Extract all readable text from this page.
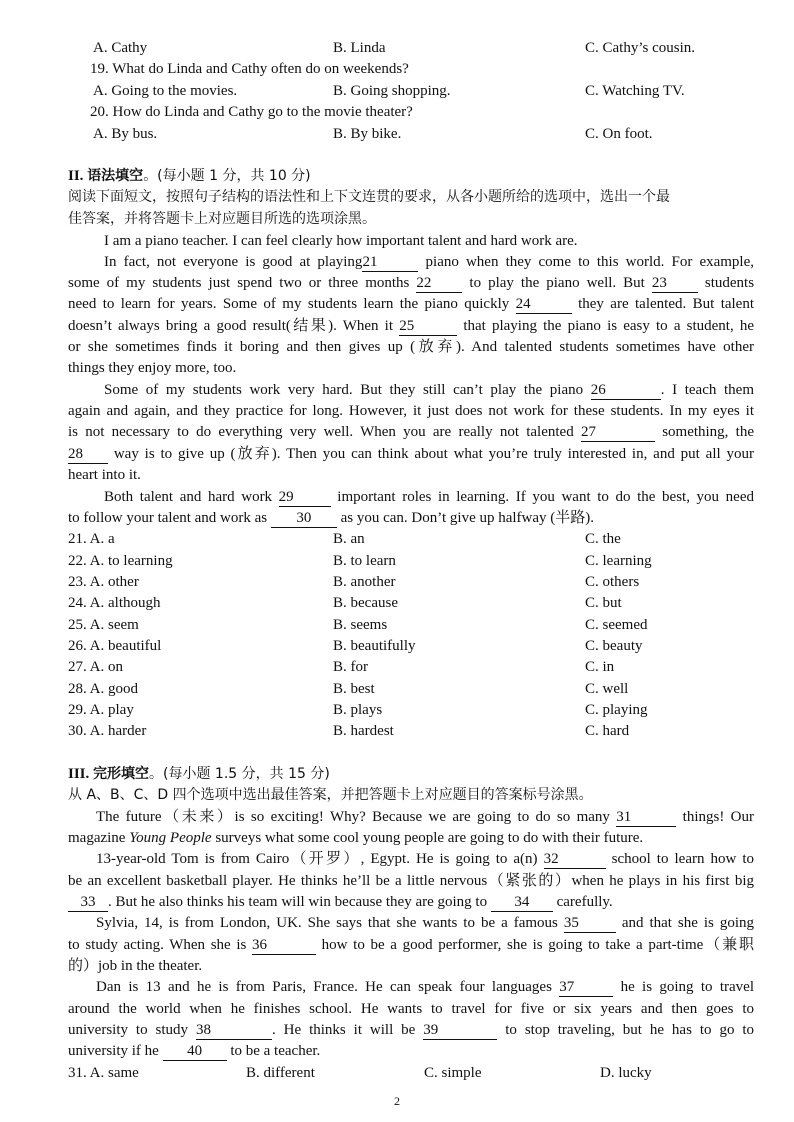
A. Cathy	B. Linda	C. Cathy’s cousin.
19. What do Linda and Cathy often do on weekends?
A. Going to the movies.	B. Going shopping.	C. Watching TV.
20. How do Linda and Cathy go to the movie theater?
A. By bus.	B. By bike.	C. On foot.
II. 语法填空。(每小题 1 分，共 10 分)
阅读下面短文，按照句子结构的语法性和上下文连贯的要求，从各小题所给的选项中，选出一个最
佳答案，并将答题卡上对应题目所选的选项涂黑。
I am a piano teacher. I can feel clearly how important talent and hard work are.
In fact, not everyone is good at playing21	piano when they come to this world. For example,
some of my students just spend two or three months 22	to play the piano well. But 23	students
need to learn for years. Some of my students learn the piano quickly 24	they are talented. But talent
doesn’t always bring a good result(结果). When it 25	that playing the piano is easy to a student, he
or she sometimes finds it boring and then gives up (放弃). And talented students sometimes have other
things they enjoy more, too.
Some of my students work very hard. But they still can’t play the piano 26	. I teach them
again and again, and they practice for long. However, it just does not work for these students. In my eyes it
is not necessary to do everything very well. When you are really not talented 27	something, the
28 way is to give up (放弃). Then you can think about what you’re truly interested in, and put all your
heart into it.
Both talent and hard work 29	important roles in learning. If you want to do the best, you need
to follow your talent and work as 30 as you can. Don’t give up halfway (半路).
21. A. a	B. an	C. the
22. A. to learning	B. to learn	C. learning
23. A. other	B. another	C. others
24. A. although	B. because	C. but
25. A. seem	B. seems	C. seemed
26. A. beautiful	B. beautifully	C. beauty
27. A. on	B. for	C. in
28. A. good	B. best	C. well
29. A. play	B. plays	C. playing
30. A. harder	B. hardest	C. hard
III. 完形填空。(每小题 1.5 分，共 15 分)
从 A、B、C、D 四个选项中选出最佳答案，并把答题卡上对应题目的答案标号涂黑。
The future（未来）is so exciting! Why? Because we are going to do so many 31	things! Our
magazine Young People surveys what some cool young people are going to do with their future.
13-year-old Tom is from Cairo（开罗）, Egypt. He is going to a(n) 32	school to learn how to
be an excellent basketball player. He thinks he’ll be a little nervous（紧张的）when he plays in his first big
33 . But he also thinks his team will win because they are going to 34 carefully.
Sylvia, 14, is from London, UK. She says that she wants to be a famous 35	and that she is going
to study acting. When she is 36	how to be a good performer, she is going to take a part-time（兼职
的）job in the theater.
Dan is 13 and he is from Paris, France. He can speak four languages 37	he is going to travel
around the world when he finishes school. He wants to travel for five or six years and then goes to
university to study 38	. He thinks it will be 39	to stop traveling, but he has to go to
university if he 40 to be a teacher.
31. A. same	B. different	C. simple	D. lucky
2
